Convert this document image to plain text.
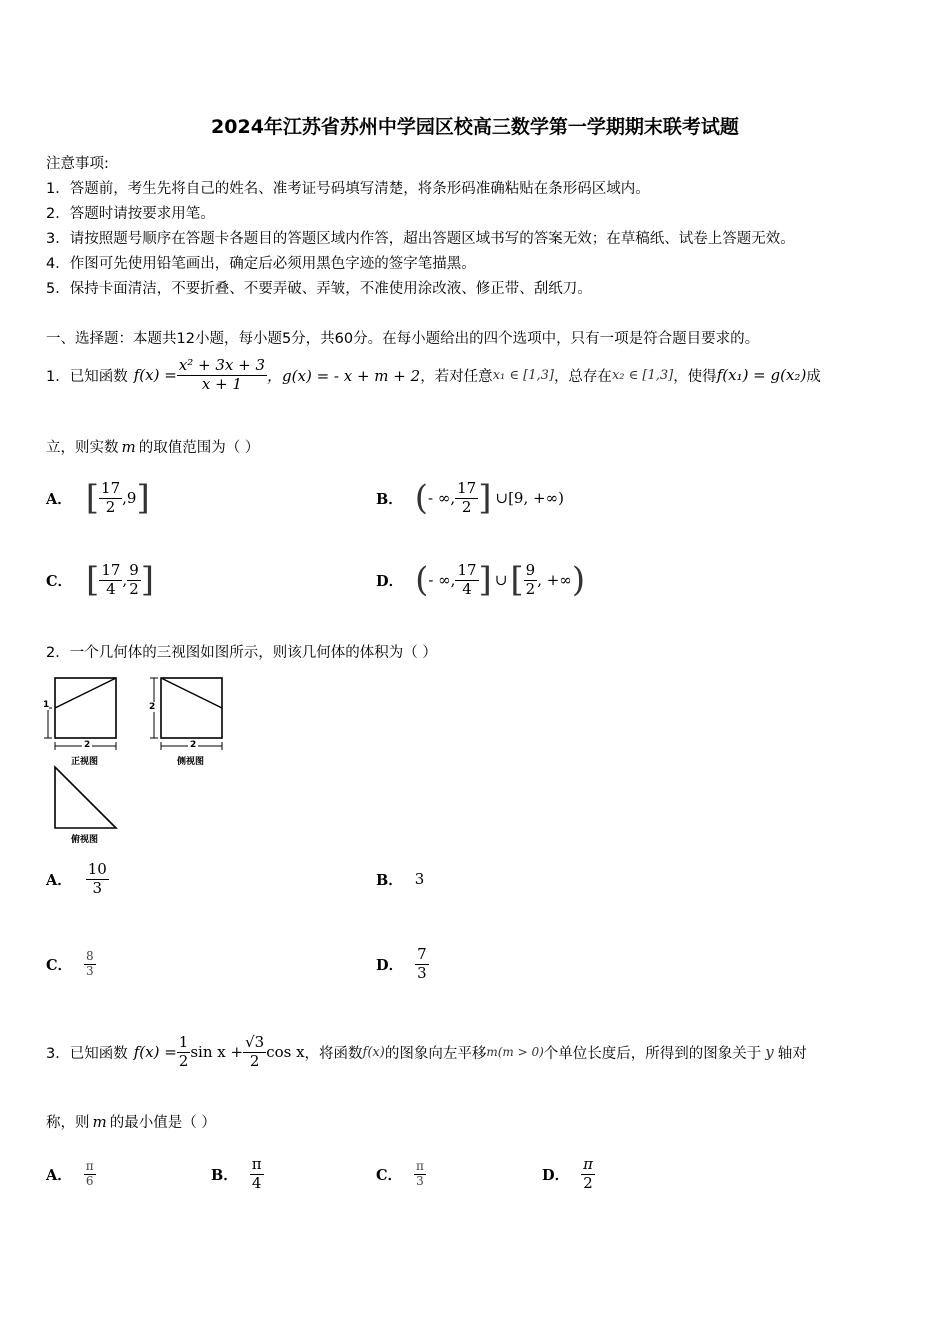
2024年江苏省苏州中学园区校高三数学第一学期期末联考试题
注意事项:
1．答题前，考生先将自己的姓名、准考证号码填写清楚，将条形码准确粘贴在条形码区域内。
2．答题时请按要求用笔。
3．请按照题号顺序在答题卡各题目的答题区域内作答，超出答题区域书写的答案无效；在草稿纸、试卷上答题无效。
4．作图可先使用铅笔画出，确定后必须用黑色字迹的签字笔描黑。
5．保持卡面清洁，不要折叠、不要弄破、弄皱，不准使用涂改液、修正带、刮纸刀。
一、选择题：本题共12小题，每小题5分，共60分。在每小题给出的四个选项中，只有一项是符合题目要求的。
1．已知函数 $f(x) = \frac{\text{x² + 3x + 3}}{x + 1}$ ，g(x) = - x + m + 2 ，若对任意 x₁ ∈ [1,3] ，总存在 x₂ ∈ [1,3] ，使得 f(x₁) = g(x₂) 成
立，则实数 m 的取值范围为（ ）
A． [ $\frac{17}{2} ,9$ ]	B． ( - ∞, $\frac{17}{2}$ ] ∪[9, +∞)
C． [ $\frac{17}{4}$ , $\frac{9}{2}$ ]	D． ( - ∞, $\frac{17}{4}$ ] ∪ [ $\frac{9}{2}$ , +∞ )
2．一个几何体的三视图如图所示，则该几何体的体积为（ ）
1
2
2
2
正视图	侧视图
俯视图
A． $\frac{10}{3}$	B． 3
C． $\frac{8}{3}$	D． $\frac{7}{3}$
3．已知函数 $f(x) = \frac{1}{2}$ $\sin x + \frac{√3}{2}$ cos x ，将函数 f(x) 的图象向左平移 m(m > 0) 个单位长度后，所得到的图象关于 y 轴对
称，则 m 的最小值是（ ）
A． $\frac{\pi}{6}$	B． $\frac{\pi}{4}$	C． $\frac{\pi}{3}$	D． $\frac{\pi}{2}$
